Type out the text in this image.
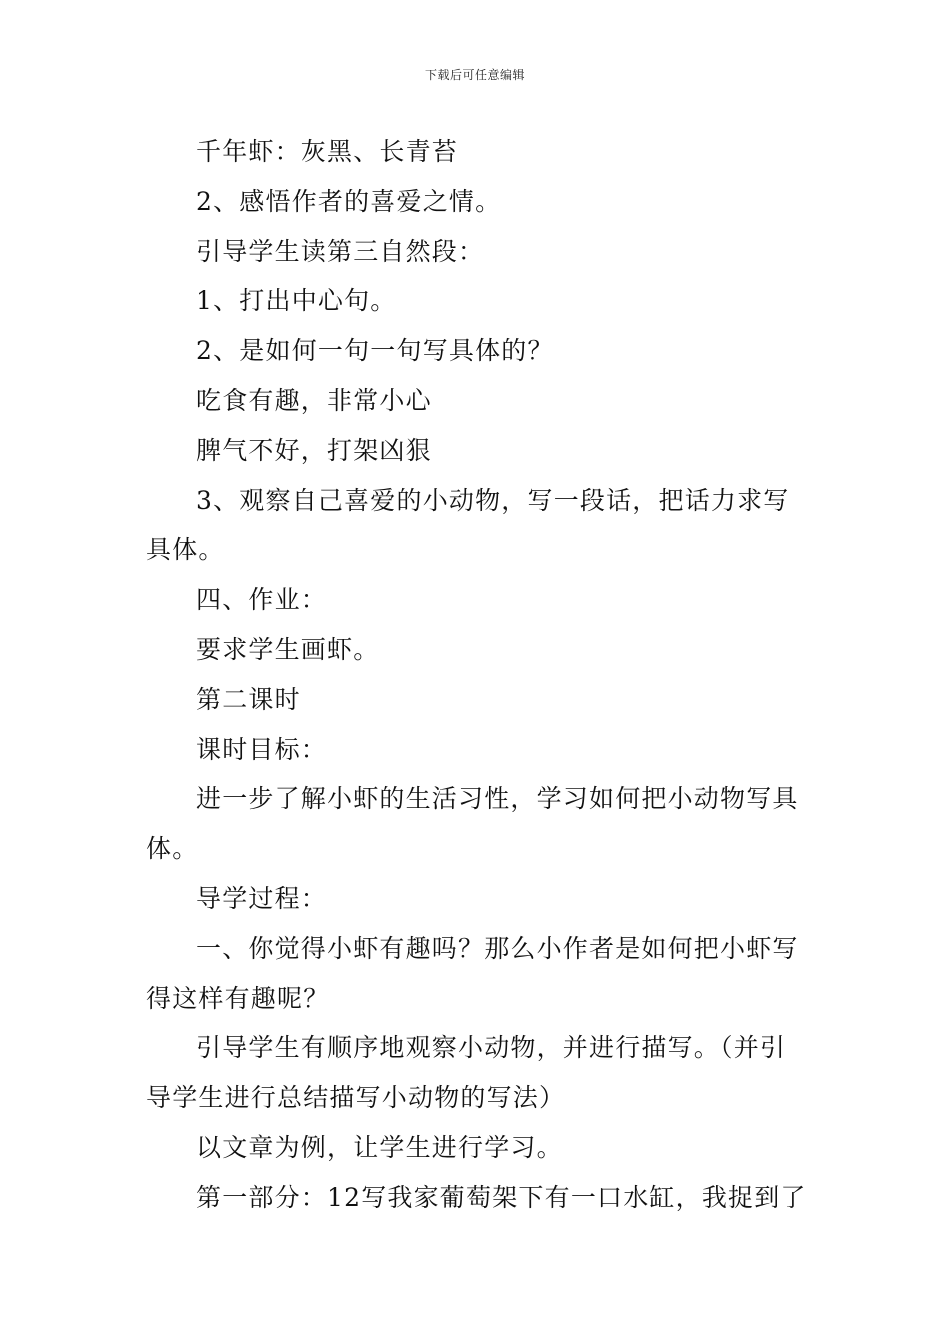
下载后可任意编辑

千年虾：灰黑、长青苔

2、感悟作者的喜爱之情。

引导学生读第三自然段：

1、打出中心句。

2、是如何一句一句写具体的？

吃食有趣，非常小心

脾气不好，打架凶狠

3、观察自己喜爱的小动物，写一段话，把话力求写具体。

四、作业：

要求学生画虾。

第二课时

课时目标：

进一步了解小虾的生活习性，学习如何把小动物写具体。

导学过程：

一、你觉得小虾有趣吗？那么小作者是如何把小虾写得这样有趣呢？

引导学生有顺序地观察小动物，并进行描写。（并引导学生进行总结描写小动物的写法）

以文章为例，让学生进行学习。

第一部分：12写我家葡萄架下有一口水缸，我捉到了
